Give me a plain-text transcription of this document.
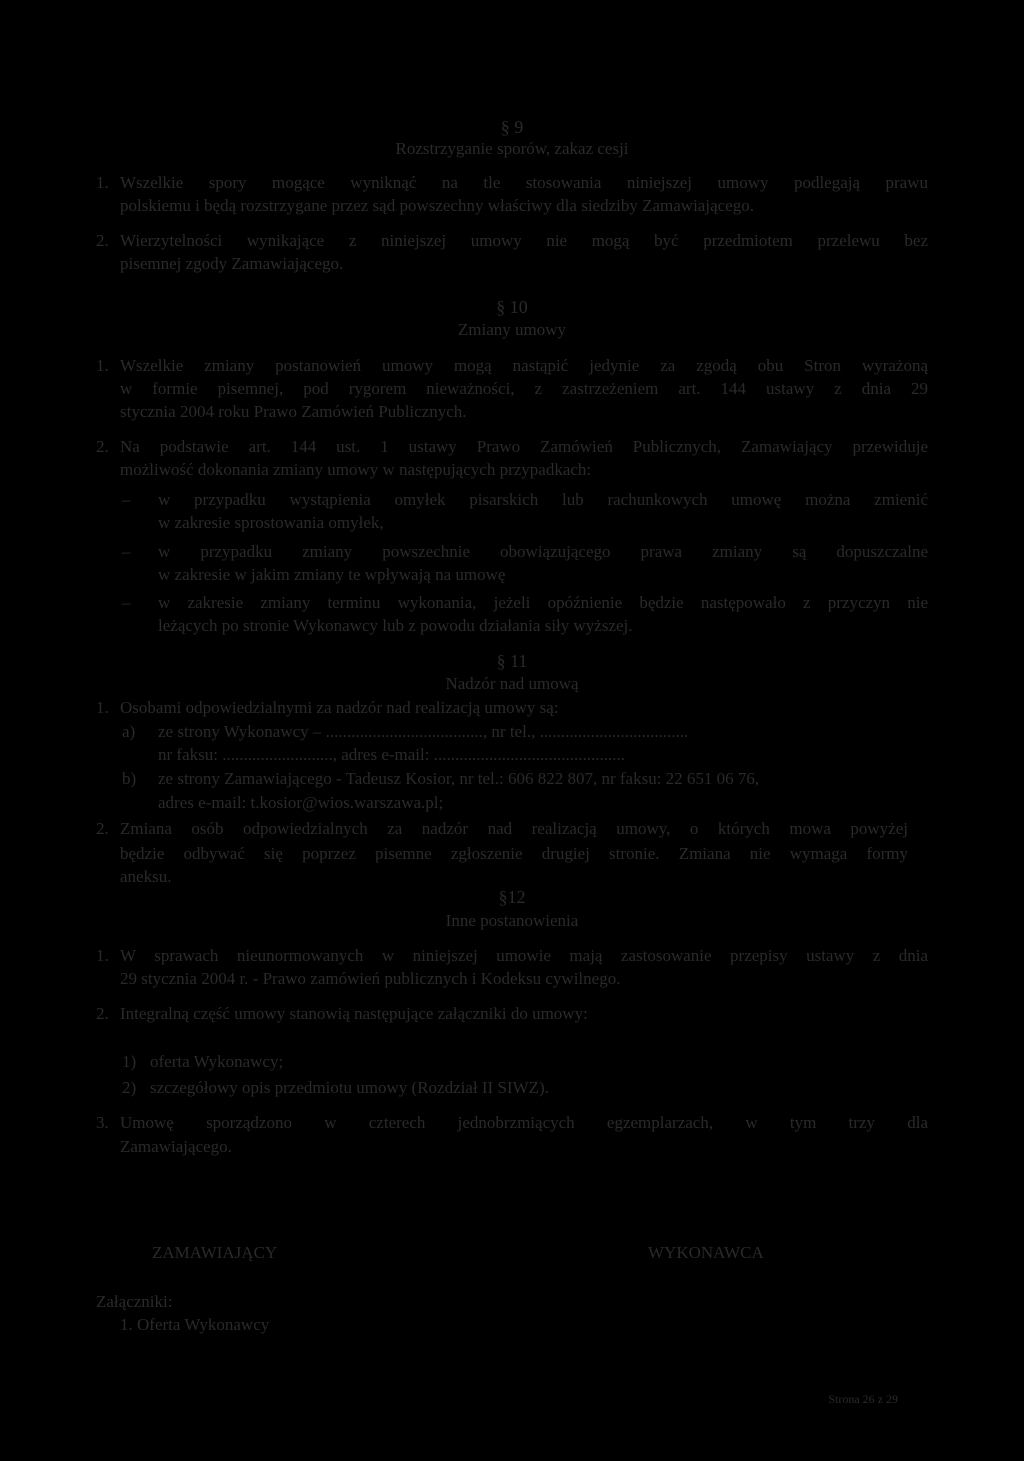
§ 9
Rozstrzyganie sporów, zakaz cesji
1. Wszelkie spory mogące wyniknąć na tle stosowania niniejszej umowy podlegają prawu
polskiemu i będą rozstrzygane przez sąd powszechny właściwy dla siedziby Zamawiającego.
2. Wierzytelności wynikające z niniejszej umowy nie mogą być przedmiotem przelewu bez
pisemnej zgody Zamawiającego.
§ 10
Zmiany umowy
1. Wszelkie zmiany postanowień umowy mogą nastąpić jedynie za zgodą obu Stron wyrażoną
w formie pisemnej, pod rygorem nieważności, z zastrzeżeniem art. 144 ustawy z dnia 29
stycznia 2004 roku Prawo Zamówień Publicznych.
2. Na podstawie art. 144 ust. 1 ustawy Prawo Zamówień Publicznych, Zamawiający przewiduje
możliwość dokonania zmiany umowy w następujących przypadkach:
– w przypadku wystąpienia omyłek pisarskich lub rachunkowych umowę można zmienić
w zakresie sprostowania omyłek,
– w przypadku zmiany powszechnie obowiązującego prawa zmiany są dopuszczalne
w zakresie w jakim zmiany te wpływają na umowę
– w zakresie zmiany terminu wykonania, jeżeli opóźnienie będzie następowało z przyczyn nie
leżących po stronie Wykonawcy lub z powodu działania siły wyższej.
§ 11
Nadzór nad umową
1. Osobami odpowiedzialnymi za nadzór nad realizacją umowy są:
a) ze strony Wykonawcy – ....................................., nr tel., ...................................
nr faksu: .........................., adres e-mail: .............................................
b) ze strony Zamawiającego - Tadeusz Kosior, nr tel.: 606 822 807, nr faksu: 22 651 06 76,
adres e-mail: t.kosior@wios.warszawa.pl;
2. Zmiana osób odpowiedzialnych za nadzór nad realizacją umowy, o których mowa powyżej
będzie odbywać się poprzez pisemne zgłoszenie drugiej stronie. Zmiana nie wymaga formy
aneksu.
§12
Inne postanowienia
1. W sprawach nieunormowanych w niniejszej umowie mają zastosowanie przepisy ustawy z dnia
29 stycznia 2004 r. - Prawo zamówień publicznych i Kodeksu cywilnego.
2. Integralną część umowy stanowią następujące załączniki do umowy:
1) oferta Wykonawcy;
2) szczegółowy opis przedmiotu umowy (Rozdział II SIWZ).
3. Umowę sporządzono w czterech jednobrzmiących egzemplarzach, w tym trzy dla
Zamawiającego.
ZAMAWIAJĄCY	WYKONAWCA
Załączniki:
1. Oferta Wykonawcy
Strona 26 z 29
